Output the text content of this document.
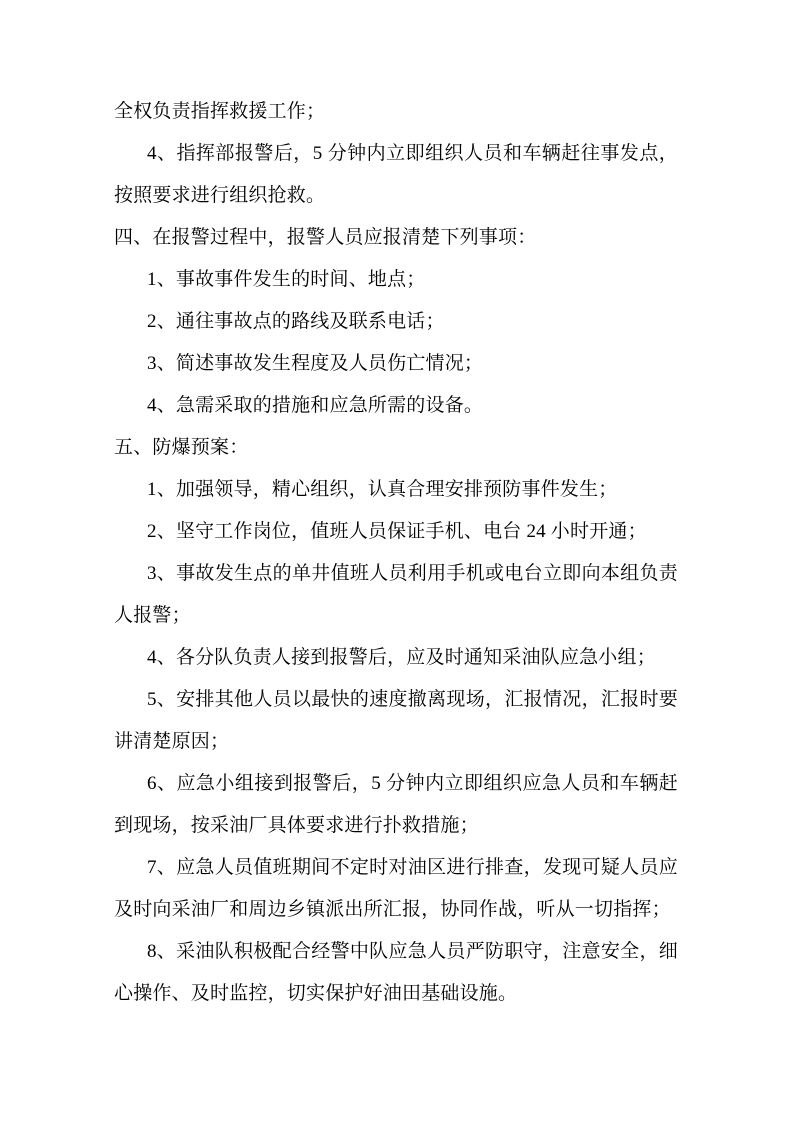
全权负责指挥救援工作；
4、指挥部报警后，5 分钟内立即组织人员和车辆赶往事发点，
按照要求进行组织抢救。
四、在报警过程中，报警人员应报清楚下列事项：
1、事故事件发生的时间、地点；
2、通往事故点的路线及联系电话；
3、简述事故发生程度及人员伤亡情况；
4、急需采取的措施和应急所需的设备。
五、防爆预案：
1、加强领导，精心组织，认真合理安排预防事件发生；
2、坚守工作岗位，值班人员保证手机、电台 24 小时开通；
3、事故发生点的单井值班人员利用手机或电台立即向本组负责
人报警；
4、各分队负责人接到报警后，应及时通知采油队应急小组；
5、安排其他人员以最快的速度撤离现场，汇报情况，汇报时要
讲清楚原因；
6、应急小组接到报警后，5 分钟内立即组织应急人员和车辆赶
到现场，按采油厂具体要求进行扑救措施；
7、应急人员值班期间不定时对油区进行排查，发现可疑人员应
及时向采油厂和周边乡镇派出所汇报，协同作战，听从一切指挥；
8、采油队积极配合经警中队应急人员严防职守，注意安全，细
心操作、及时监控，切实保护好油田基础设施。
